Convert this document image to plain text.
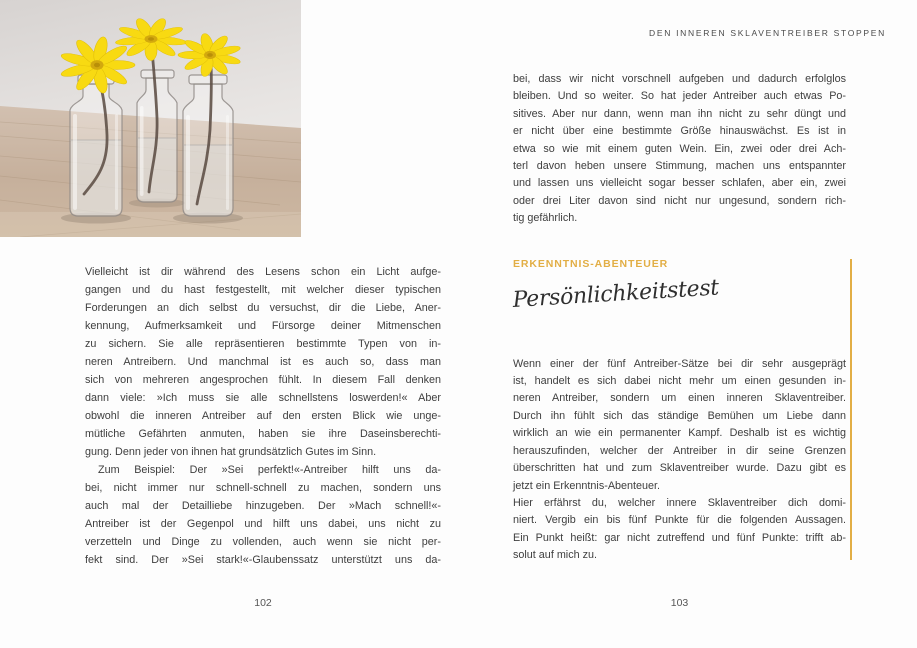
DEN INNEREN SKLAVENTREIBER STOPPEN
Vielleicht ist dir während des Lesens schon ein Licht aufge-
gangen und du hast festgestellt, mit welcher dieser typischen
Forderungen an dich selbst du versuchst, dir die Liebe, Aner-
kennung, Aufmerksamkeit und Fürsorge deiner Mitmenschen
zu sichern. Sie alle repräsentieren bestimmte Typen von in-
neren Antreibern. Und manchmal ist es auch so, dass man
sich von mehreren angesprochen fühlt. In diesem Fall denken
dann viele: »Ich muss sie alle schnellstens loswerden!« Aber
obwohl die inneren Antreiber auf den ersten Blick wie unge-
mütliche Gefährten anmuten, haben sie ihre Daseinsberechti-
gung. Denn jeder von ihnen hat grundsätzlich Gutes im Sinn.
Zum Beispiel: Der »Sei perfekt!«-Antreiber hilft uns da-
bei, nicht immer nur schnell-schnell zu machen, sondern uns
auch mal der Detailliebe hinzugeben. Der »Mach schnell!«-
Antreiber ist der Gegenpol und hilft uns dabei, uns nicht zu
verzetteln und Dinge zu vollenden, auch wenn sie nicht per-
fekt sind. Der »Sei stark!«-Glaubenssatz unterstützt uns da-
bei, dass wir nicht vorschnell aufgeben und dadurch erfolglos
bleiben. Und so weiter. So hat jeder Antreiber auch etwas Po-
sitives. Aber nur dann, wenn man ihn nicht zu sehr düngt und
er nicht über eine bestimmte Größe hinauswächst. Es ist in
etwa so wie mit einem guten Wein. Ein, zwei oder drei Ach-
terl davon heben unsere Stimmung, machen uns entspannter
und lassen uns vielleicht sogar besser schlafen, aber ein, zwei
oder drei Liter davon sind nicht nur ungesund, sondern rich-
tig gefährlich.
ERKENNTNIS-ABENTEUER
Persönlichkeitstest
Wenn einer der fünf Antreiber-Sätze bei dir sehr ausgeprägt
ist, handelt es sich dabei nicht mehr um einen gesunden in-
neren Antreiber, sondern um einen inneren Sklaventreiber.
Durch ihn fühlt sich das ständige Bemühen um Liebe dann
wirklich an wie ein permanenter Kampf. Deshalb ist es wichtig
herauszufinden, welcher der Antreiber in dir seine Grenzen
überschritten hat und zum Sklaventreiber wurde. Dazu gibt es
jetzt ein Erkenntnis-Abenteuer.
Hier erfährst du, welcher innere Sklaventreiber dich domi-
niert. Vergib ein bis fünf Punkte für die folgenden Aussagen.
Ein Punkt heißt: gar nicht zutreffend und fünf Punkte: trifft ab-
solut auf mich zu.
102	103
